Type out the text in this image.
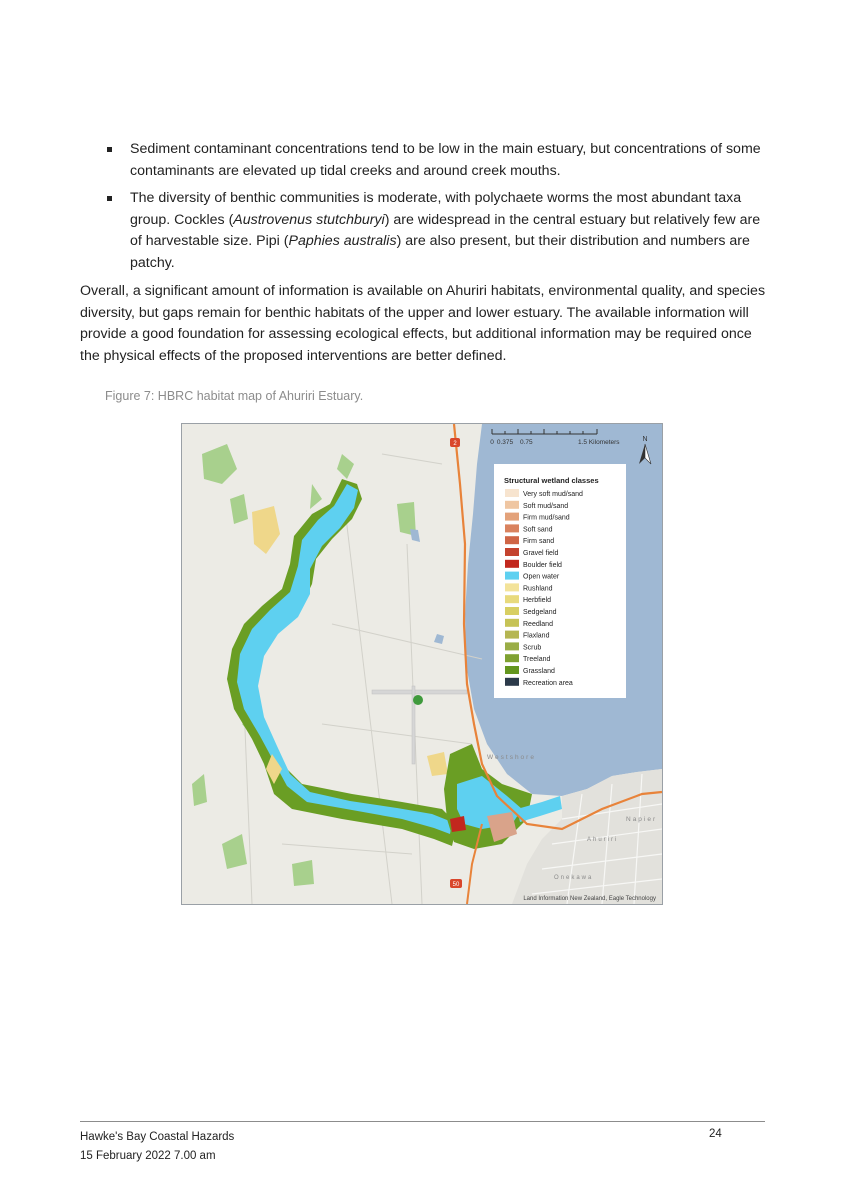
Sediment contaminant concentrations tend to be low in the main estuary, but concentrations of some contaminants are elevated up tidal creeks and around creek mouths.
The diversity of benthic communities is moderate, with polychaete worms the most abundant taxa group. Cockles (Austrovenus stutchburyi) are widespread in the central estuary but relatively few are of harvestable size. Pipi (Paphies australis) are also present, but their distribution and numbers are patchy.

Overall, a significant amount of information is available on Ahuriri habitats, environmental quality, and species diversity, but gaps remain for benthic habitats of the upper and lower estuary. The available information will provide a good foundation for assessing ecological effects, but additional information may be required once the physical effects of the proposed interventions are better defined.

Figure 7: HBRC habitat map of Ahuriri Estuary.

2
50
Westshore
Napier
Ahuriri
Onekawa
0 0.375 0.75	1.5 Kilometers	N
Structural wetland classes
Very soft mud/sand
Soft mud/sand
Firm mud/sand
Soft sand
Firm sand
Gravel field
Boulder field
Open water
Rushland
Herbfield
Sedgeland
Reedland
Flaxland
Scrub
Treeland
Grassland
Recreation area
Land Information New Zealand, Eagle Technology
Hawke's Bay Coastal Hazards
15 February 2022 7.00 am
24
